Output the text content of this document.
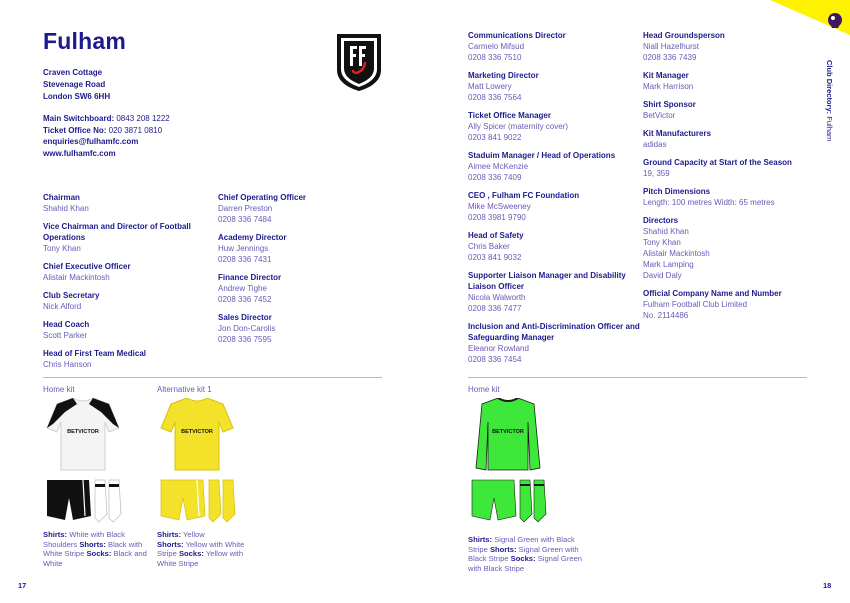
Fulham
Craven Cottage
Stevenage Road
London SW6 6HH
Main Switchboard: 0843 208 1222
Ticket Office No: 020 3871 0810
enquiries@fulhamfc.com
www.fulhamfc.com
Chairman
Shahid Khan
Vice Chairman and Director of Football Operations
Tony Khan
Chief Executive Officer
Alistair Mackintosh
Club Secretary
Nick Alford
Head Coach
Scott Parker
Head of First Team Medical
Chris Hanson
Chief Operating Officer
Darren Preston
0208 336 7484
Academy Director
Huw Jennings
0208 336 7431
Finance Director
Andrew Tighe
0208 336 7452
Sales Director
Jon Don-Carolis
0208 336 7595
Communications Director
Carmelo Mifsud
0208 336 7510
Marketing Director
Matt Lowery
0208 336 7564
Ticket Office Manager
Ally Spicer (maternity cover)
0203 841 9022
Staduim Manager / Head of Operations
Aimee McKenzie
0208 336 7409
CEO , Fulham FC Foundation
Mike McSweeney
0208 3981 9790
Head of Safety
Chris Baker
0203 841 9032
Supporter Liaison Manager and Disability Liaison Officer
Nicola Walworth
0208 336 7477
Inclusion and Anti-Discrimination Officer and Safeguarding Manager
Eleanor Rowland
0208 336 7454
Head Groundsperson
Niall Hazelhurst
0208 336 7439
Kit Manager
Mark Harrison
Shirt Sponsor
BetVictor
Kit Manufacturers
adidas
Ground Capacity at Start of the Season
19, 359
Pitch Dimensions
Length: 100 metres Width: 65 metres
Directors
Shahid Khan
Tony Khan
Alistair Mackintosh
Mark Lamping
David Daly
Official Company Name and Number
Fulham Football Club Limited
No. 2114486
Home kit	Alternative kit 1	Home kit
BETVICTOR	BETVICTOR	BETVICTOR
Shirts: White with Black Shoulders Shorts: Black with White Stripe Socks: Black and White
Shirts: Yellow
Shorts: Yellow with White Stripe Socks: Yellow with White Stripe
Shirts: Signal Green with Black Stripe Shorts: Signal Green with Black Stripe Socks: Signal Green with Black Stripe
Club Directory: Fulham
17	18
